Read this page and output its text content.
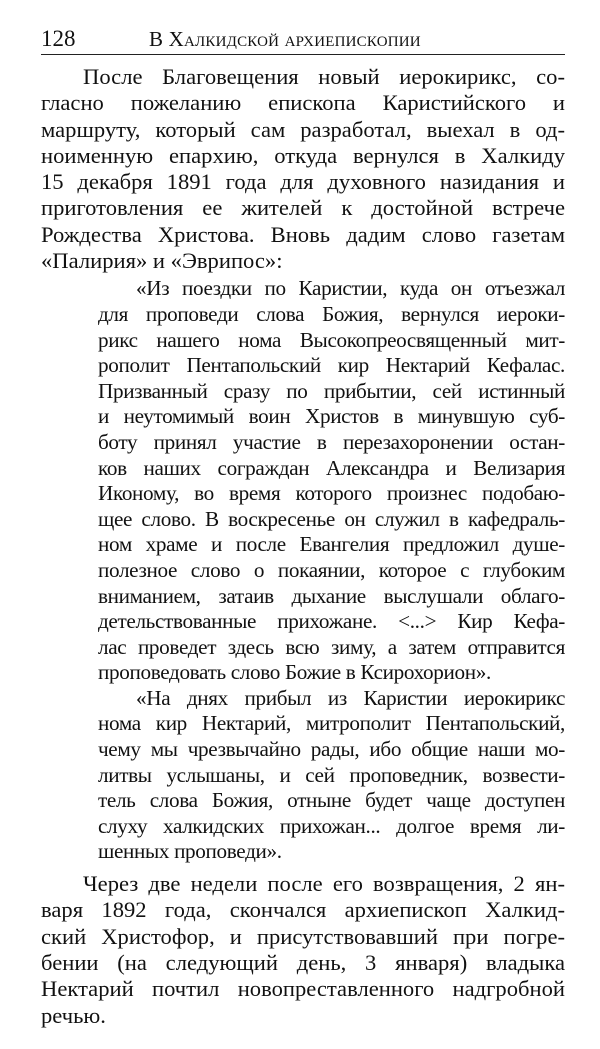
128	В Халкидской архиепископии

После Благовещения новый иерокирикс, со-
гласно пожеланию епископа Каристийского и
маршруту, который сам разработал, выехал в од-
ноименную епархию, откуда вернулся в Халкиду
15 декабря 1891 года для духовного назидания и
приготовления ее жителей к достойной встрече
Рождества Христова. Вновь дадим слово газетам
«Палирия» и «Эврипос»:

«Из поездки по Каристии, куда он отъезжал
для проповеди слова Божия, вернулся иероки-
рикс нашего нома Высокопреосвященный мит-
рополит Пентапольский кир Нектарий Кефалас.
Призванный сразу по прибытии, сей истинный
и неутомимый воин Христов в минувшую суб-
боту принял участие в перезахоронении остан-
ков наших сограждан Александра и Велизария
Иконому, во время которого произнес подобаю-
щее слово. В воскресенье он служил в кафедраль-
ном храме и после Евангелия предложил душе-
полезное слово о покаянии, которое с глубоким
вниманием, затаив дыхание выслушали облаго-
детельствованные прихожане. <...> Кир Кефа-
лас проведет здесь всю зиму, а затем отправится
проповедовать слово Божие в Ксирохорион».

«На днях прибыл из Каристии иерокирикс
нома кир Нектарий, митрополит Пентапольский,
чему мы чрезвычайно рады, ибо общие наши мо-
литвы услышаны, и сей проповедник, возвести-
тель слова Божия, отныне будет чаще доступен
слуху халкидских прихожан... долгое время ли-
шенных проповеди».

Через две недели после его возвращения, 2 ян-
варя 1892 года, скончался архиепископ Халкид-
ский Христофор, и присутствовавший при погре-
бении (на следующий день, 3 января) владыка
Нектарий почтил новопреставленного надгробной
речью.
